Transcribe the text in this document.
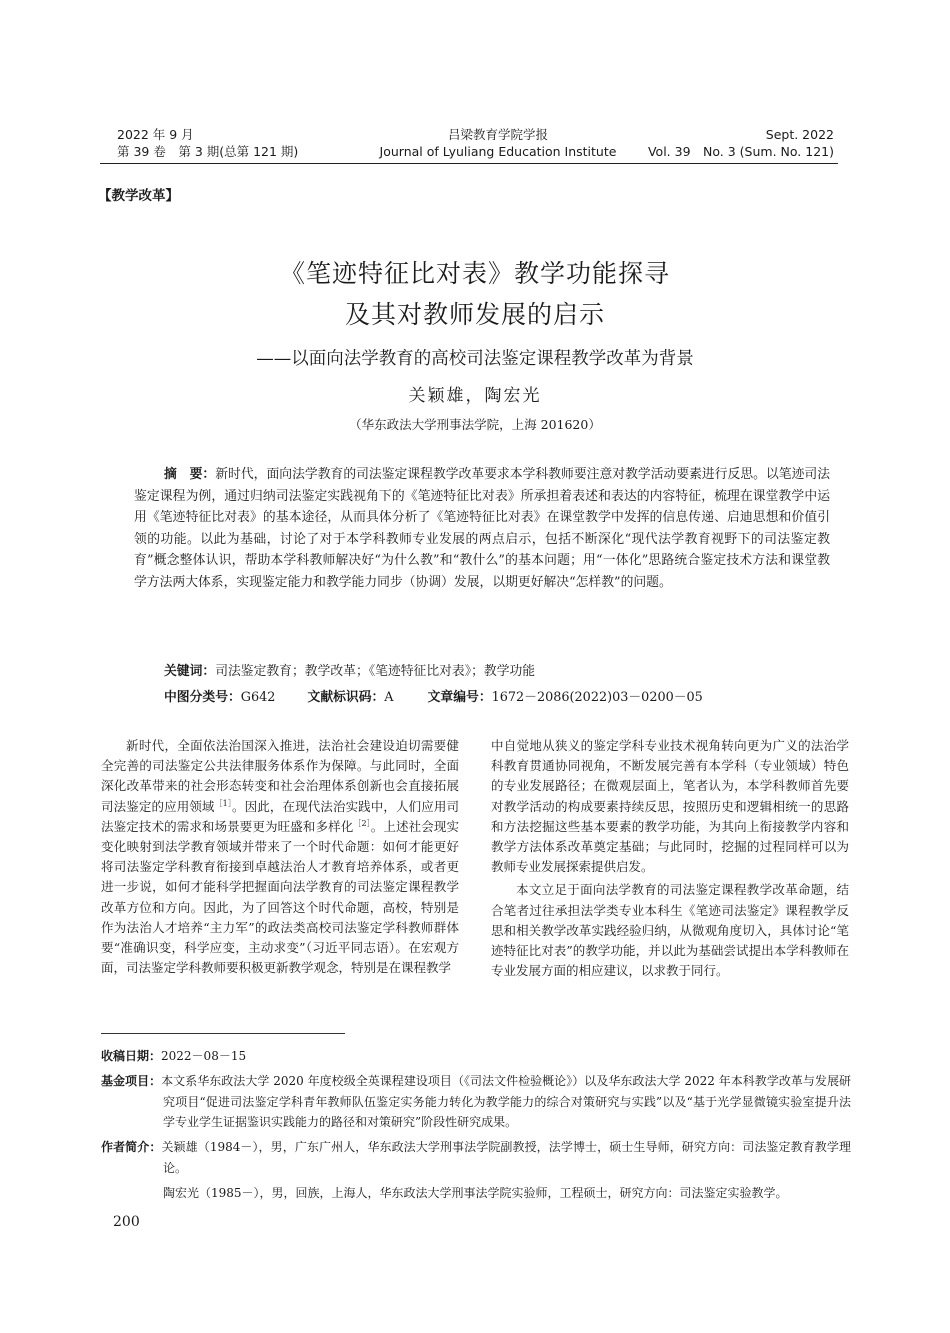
2022 年 9 月
第 39 卷　第 3 期(总第 121 期)
吕梁教育学院学报
Journal of Lyuliang Education Institute
Sept. 2022
Vol. 39　No. 3 (Sum. No. 121)
【教学改革】
《笔迹特征比对表》教学功能探寻
及其对教师发展的启示
——以面向法学教育的高校司法鉴定课程教学改革为背景
关颖雄，陶宏光
（华东政法大学刑事法学院，上海 201620）
摘　要：新时代，面向法学教育的司法鉴定课程教学改革要求本学科教师要注意对教学活动要素进行反思。以笔迹司法鉴定课程为例，通过归纳司法鉴定实践视角下的《笔迹特征比对表》所承担着表述和表达的内容特征，梳理在课堂教学中运用《笔迹特征比对表》的基本途径，从而具体分析了《笔迹特征比对表》在课堂教学中发挥的信息传递、启迪思想和价值引领的功能。以此为基础，讨论了对于本学科教师专业发展的两点启示，包括不断深化“现代法学教育视野下的司法鉴定教育”概念整体认识，帮助本学科教师解决好“为什么教”和“教什么”的基本问题；用“一体化”思路统合鉴定技术方法和课堂教学方法两大体系，实现鉴定能力和教学能力同步（协调）发展，以期更好解决“怎样教”的问题。
关键词：司法鉴定教育；教学改革；《笔迹特征比对表》；教学功能
中图分类号：G642	文献标识码：A	文章编号：1672－2086(2022)03－0200－05

新时代，全面依法治国深入推进，法治社会建设迫切需要健全完善的司法鉴定公共法律服务体系作为保障。与此同时，全面深化改革带来的社会形态转变和社会治理体系创新也会直接拓展司法鉴定的应用领域$^{[1]}$。因此，在现代法治实践中，人们应用司法鉴定技术的需求和场景要更为旺盛和多样化$^{[2]}$。上述社会现实变化映射到法学教育领域并带来了一个时代命题：如何才能更好将司法鉴定学科教育衔接到卓越法治人才教育培养体系，或者更进一步说，如何才能科学把握面向法学教育的司法鉴定课程教学改革方位和方向。因此，为了回答这个时代命题，高校，特别是作为法治人才培养“主力军”的政法类高校司法鉴定学科教师群体要“准确识变，科学应变，主动求变”（习近平同志语）。在宏观方面，司法鉴定学科教师要积极更新教学观念，特别是在课程教学

中自觉地从狭义的鉴定学科专业技术视角转向更为广义的法治学科教育贯通协同视角，不断发展完善有本学科（专业领域）特色的专业发展路径；在微观层面上，笔者认为，本学科教师首先要对教学活动的构成要素持续反思，按照历史和逻辑相统一的思路和方法挖掘这些基本要素的教学功能，为其向上衔接教学内容和教学方法体系改革奠定基础；与此同时，挖掘的过程同样可以为教师专业发展探索提供启发。

本文立足于面向法学教育的司法鉴定课程教学改革命题，结合笔者过往承担法学类专业本科生《笔迹司法鉴定》课程教学反思和相关教学改革实践经验归纳，从微观角度切入，具体讨论“笔迹特征比对表”的教学功能，并以此为基础尝试提出本学科教师在专业发展方面的相应建议，以求教于同行。

收稿日期：2022－08－15
基金项目：本文系华东政法大学 2020 年度校级全英课程建设项目（《司法文件检验概论》）以及华东政法大学 2022 年本科教学改革与发展研究项目“促进司法鉴定学科青年教师队伍鉴定实务能力转化为教学能力的综合对策研究与实践”以及“基于光学显微镜实验室提升法学专业学生证据鉴识实践能力的路径和对策研究”阶段性研究成果。
作者简介：关颖雄（1984－），男，广东广州人，华东政法大学刑事法学院副教授，法学博士，硕士生导师，研究方向：司法鉴定教育教学理论。
陶宏光（1985－），男，回族，上海人，华东政法大学刑事法学院实验师，工程硕士，研究方向：司法鉴定实验教学。
200
